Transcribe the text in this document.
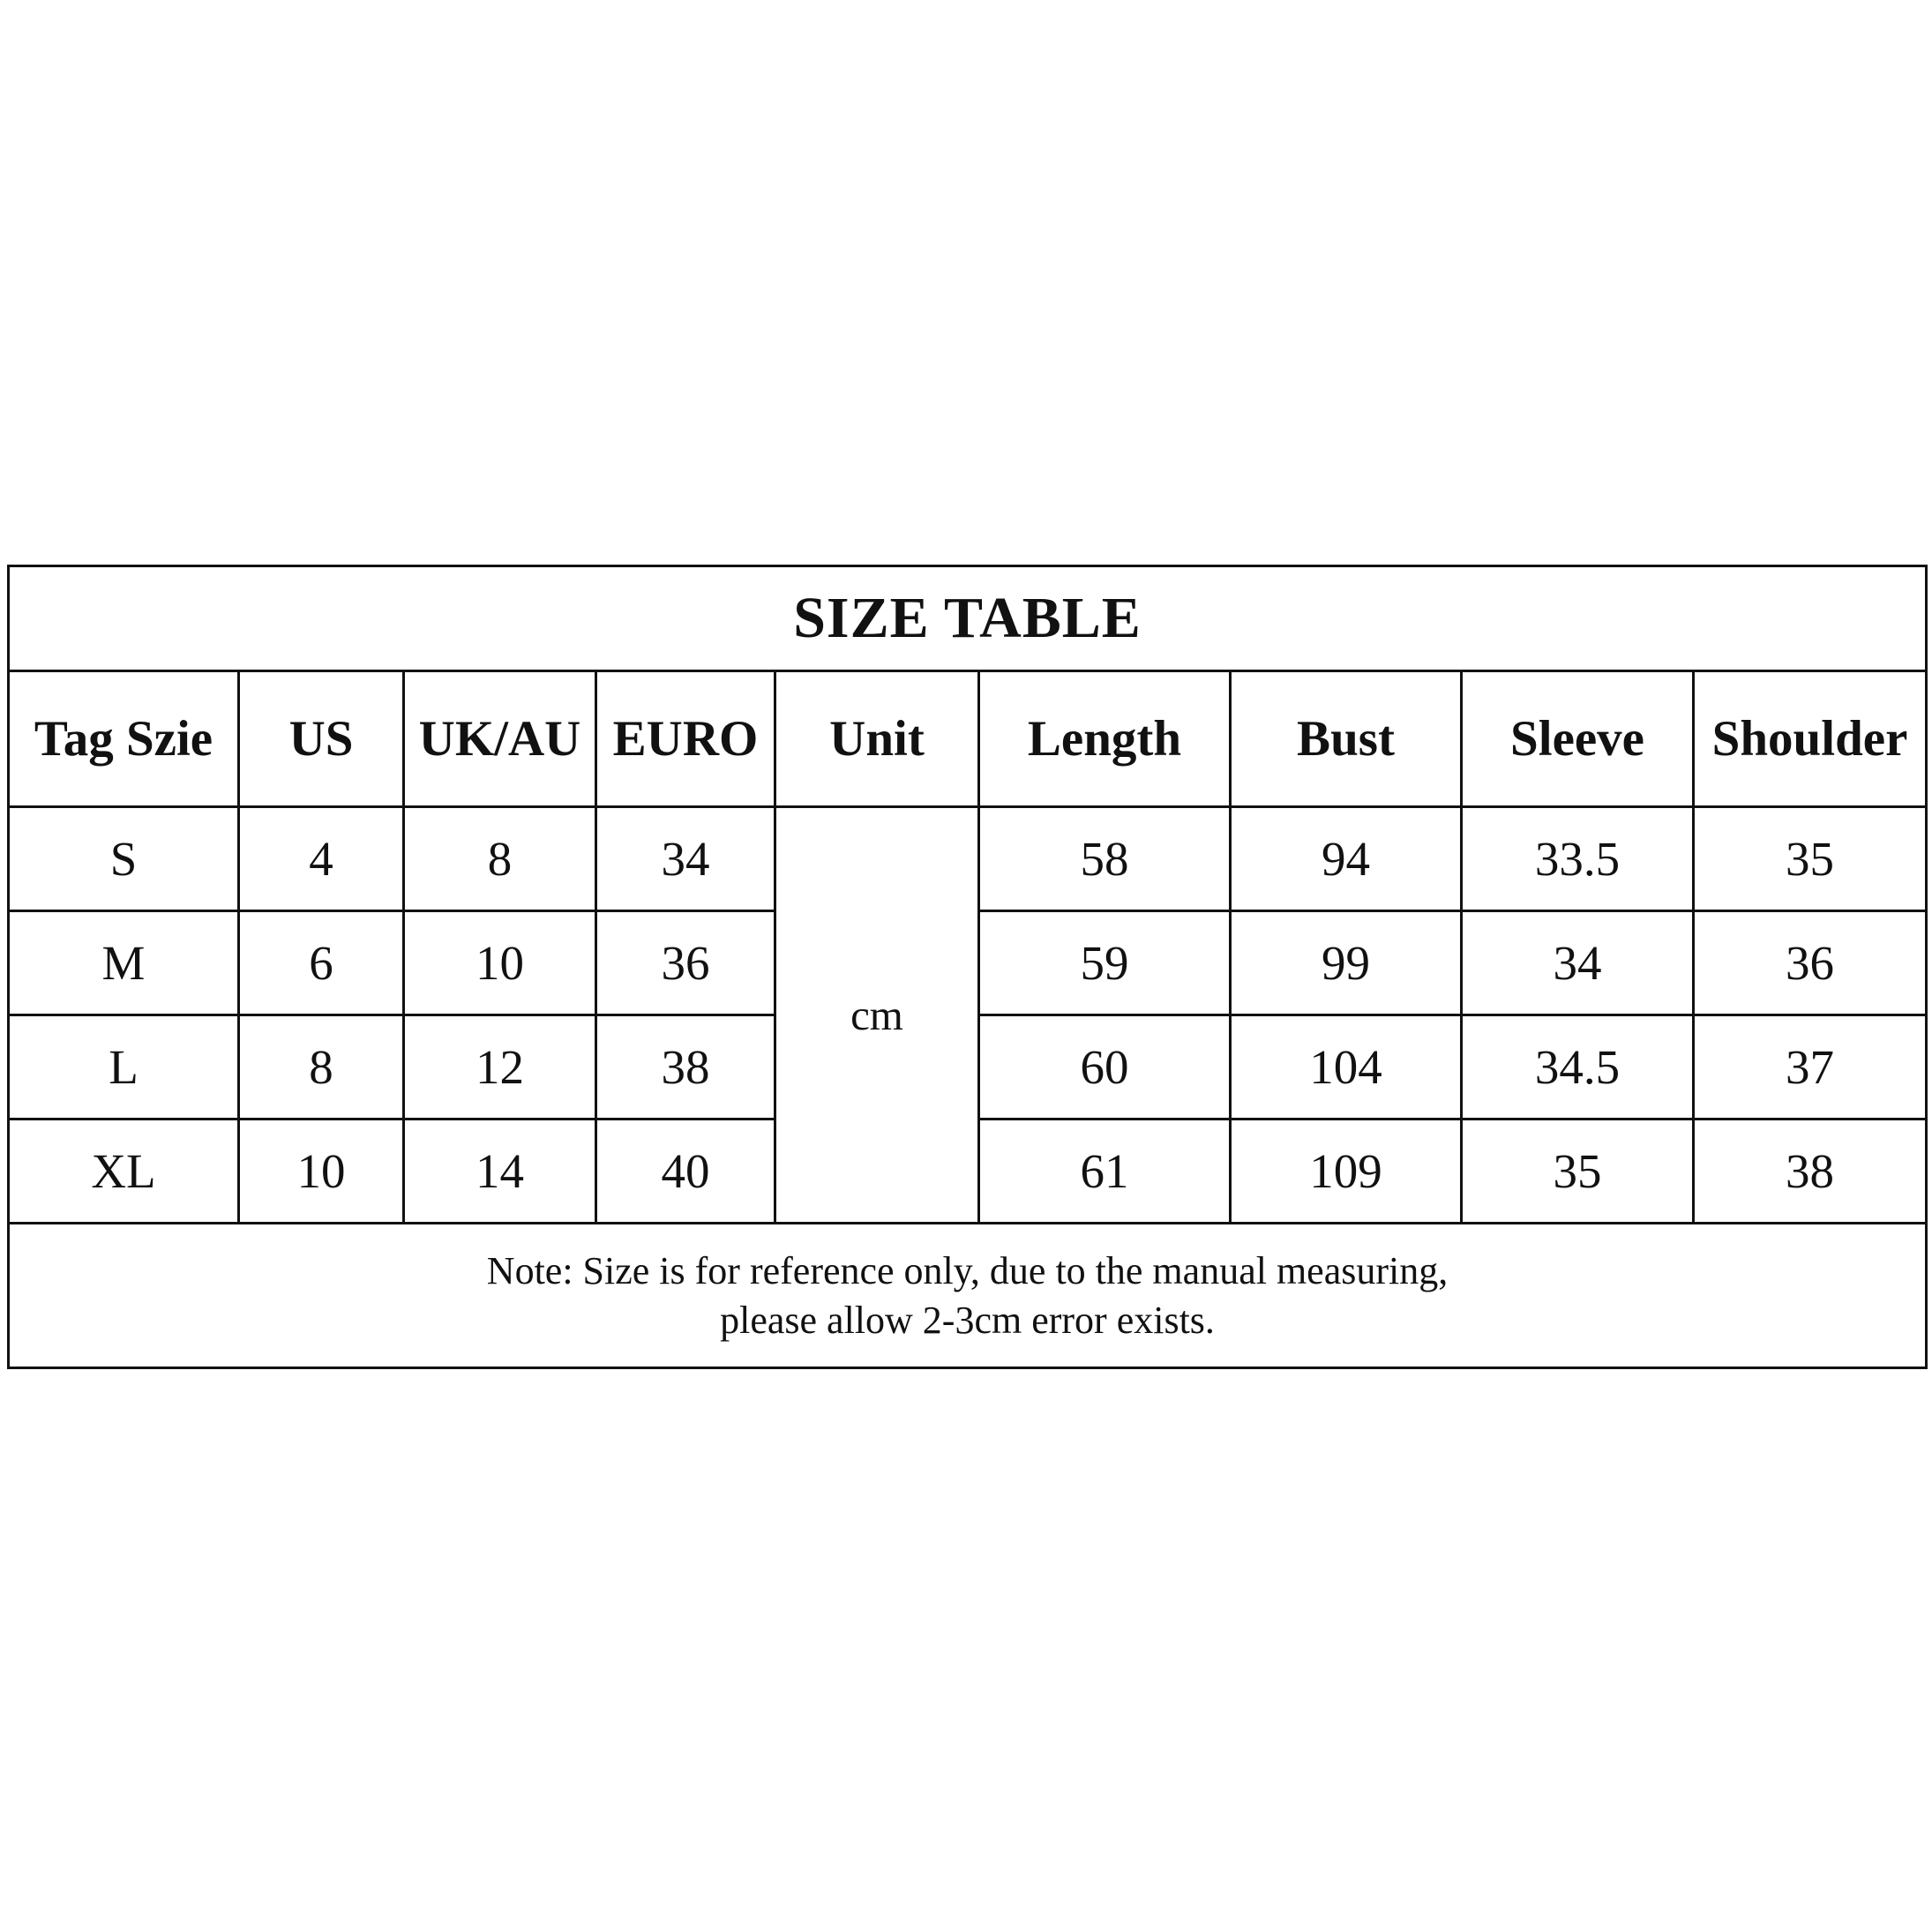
SIZE TABLE								
Tag Szie	US	UK/AU	EURO	Unit	Length	Bust	Sleeve	Shoulder
S	4	8	34	cm	58	94	33.5	35
M	6	10	36		59	99	34	36
L	8	12	38		60	104	34.5	37
XL	10	14	40		61	109	35	38

Note: Size is for reference only, due to the manual measuring,
please allow 2-3cm error exists.								
